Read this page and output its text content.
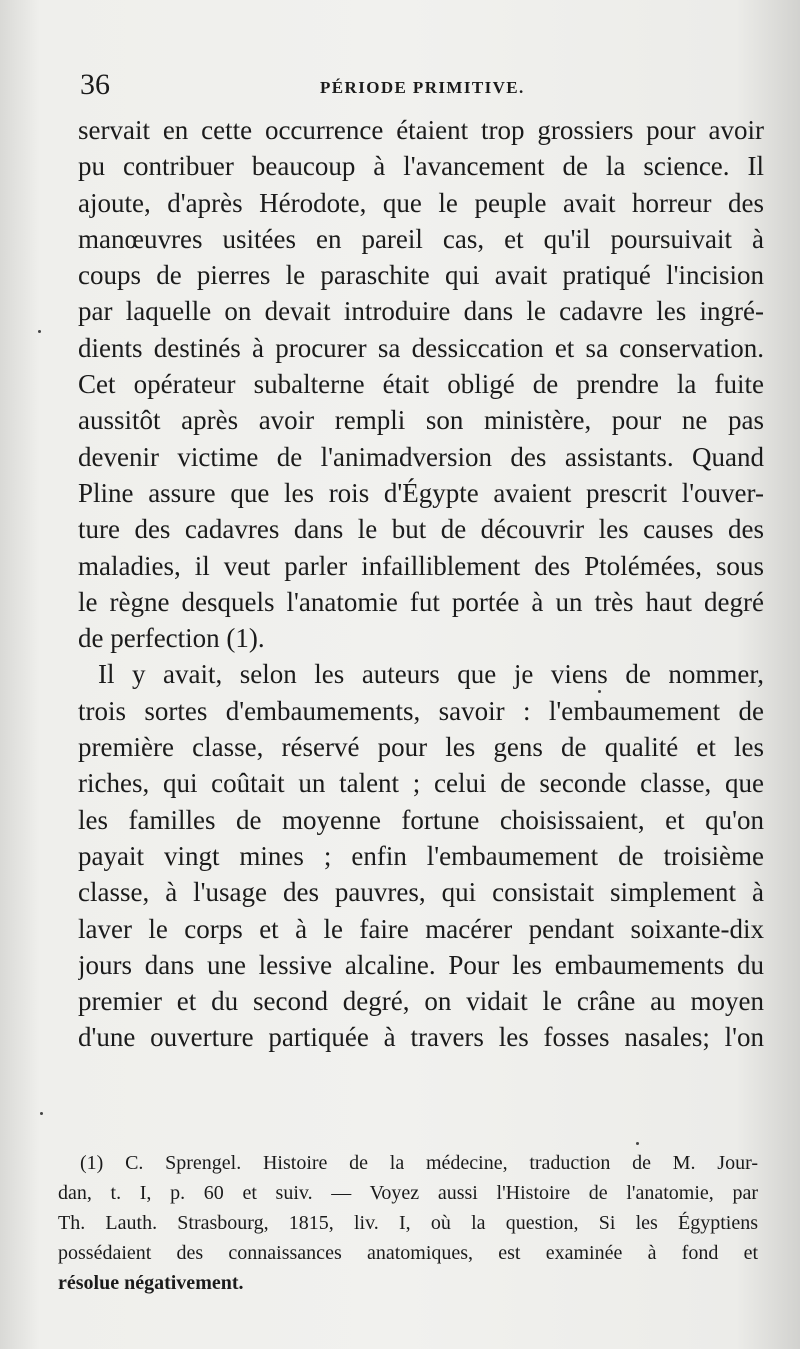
36	PÉRIODE PRIMITIVE.
servait en cette occurrence étaient trop grossiers pour avoir
pu contribuer beaucoup à l'avancement de la science. Il
ajoute, d'après Hérodote, que le peuple avait horreur des
manœuvres usitées en pareil cas, et qu'il poursuivait à
coups de pierres le paraschite qui avait pratiqué l'incision
par laquelle on devait introduire dans le cadavre les ingré-
dients destinés à procurer sa dessiccation et sa conservation.
Cet opérateur subalterne était obligé de prendre la fuite
aussitôt après avoir rempli son ministère, pour ne pas
devenir victime de l'animadversion des assistants. Quand
Pline assure que les rois d'Égypte avaient prescrit l'ouver-
ture des cadavres dans le but de découvrir les causes des
maladies, il veut parler infailliblement des Ptolémées, sous
le règne desquels l'anatomie fut portée à un très haut degré
de perfection (1).
Il y avait, selon les auteurs que je viens de nommer,
trois sortes d'embaumements, savoir : l'embaumement de
première classe, réservé pour les gens de qualité et les
riches, qui coûtait un talent ; celui de seconde classe, que
les familles de moyenne fortune choisissaient, et qu'on
payait vingt mines ; enfin l'embaumement de troisième
classe, à l'usage des pauvres, qui consistait simplement à
laver le corps et à le faire macérer pendant soixante-dix
jours dans une lessive alcaline. Pour les embaumements du
premier et du second degré, on vidait le crâne au moyen
d'une ouverture partiquée à travers les fosses nasales; l'on
(1) C. Sprengel. Histoire de la médecine, traduction de M. Jour-
dan, t. I, p. 60 et suiv. — Voyez aussi l'Histoire de l'anatomie, par
Th. Lauth. Strasbourg, 1815, liv. I, où la question, Si les Égyptiens
possédaient des connaissances anatomiques, est examinée à fond et
résolue négativement.
